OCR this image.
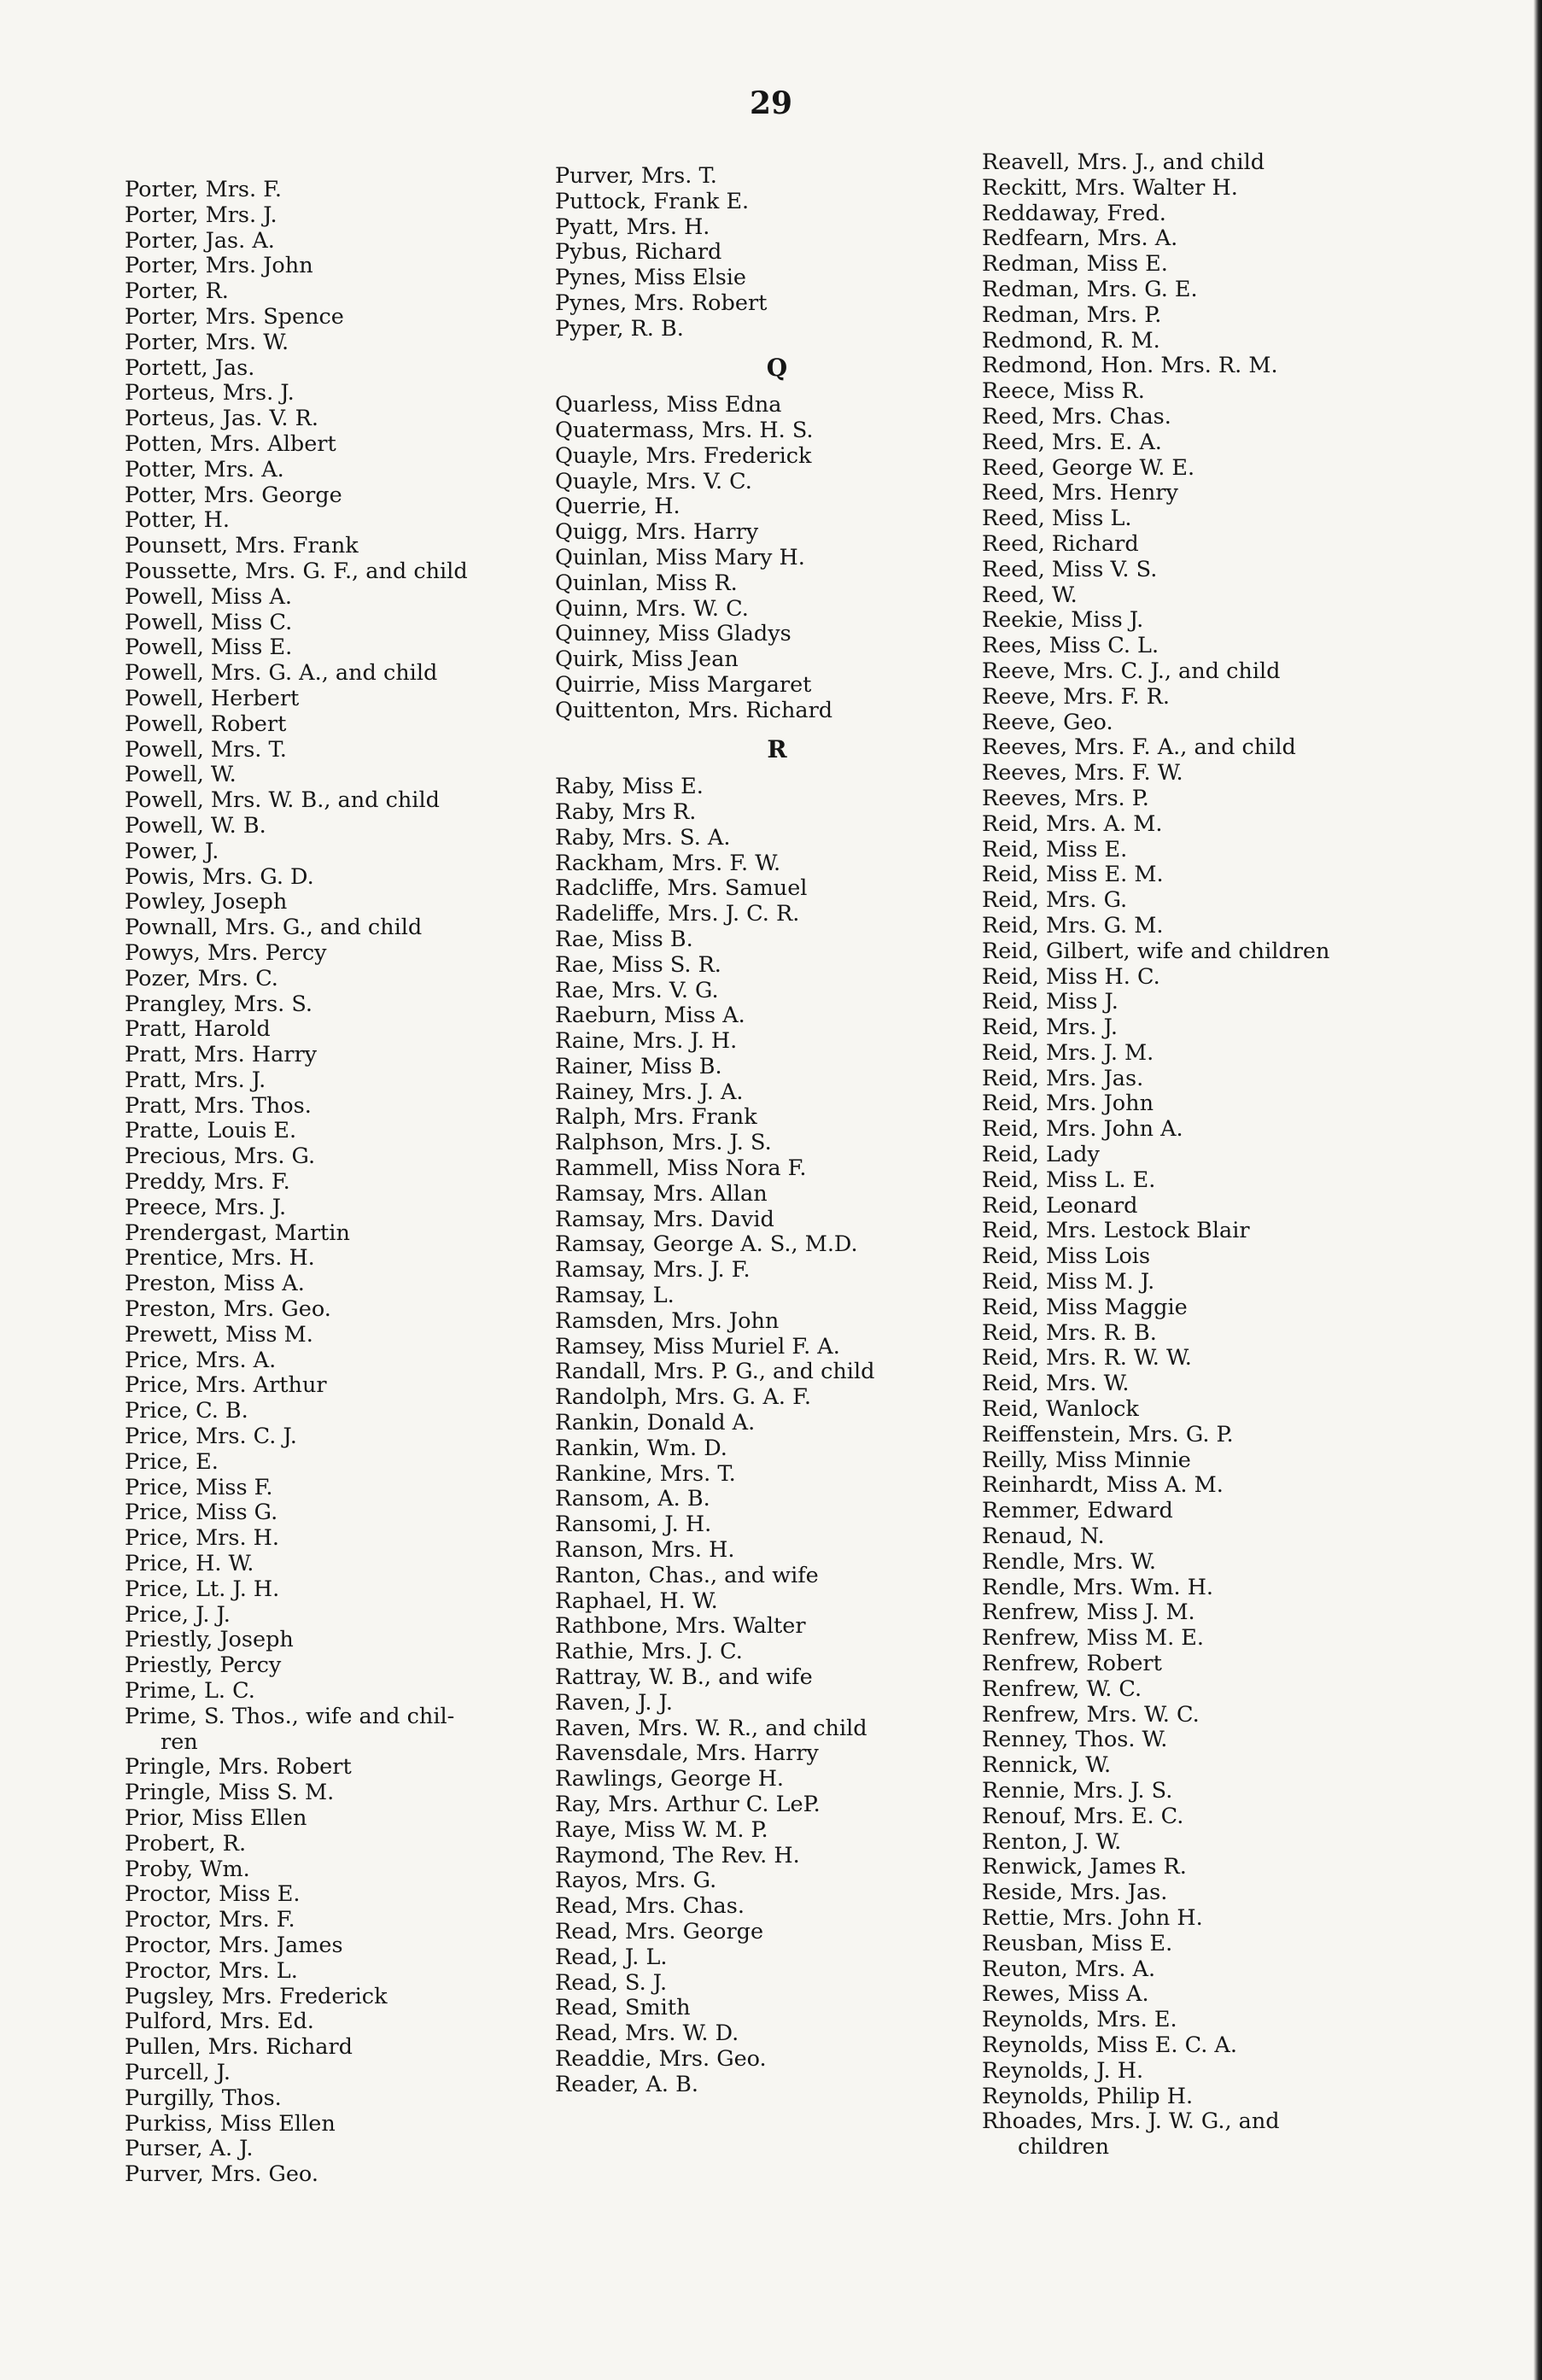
29
Porter, Mrs. F.
Porter, Mrs. J.
Porter, Jas. A.
Porter, Mrs. John
Porter, R.
Porter, Mrs. Spence
Porter, Mrs. W.
Portett, Jas.
Porteus, Mrs. J.
Porteus, Jas. V. R.
Potten, Mrs. Albert
Potter, Mrs. A.
Potter, Mrs. George
Potter, H.
Pounsett, Mrs. Frank
Poussette, Mrs. G. F., and child
Powell, Miss A.
Powell, Miss C.
Powell, Miss E.
Powell, Mrs. G. A., and child
Powell, Herbert
Powell, Robert
Powell, Mrs. T.
Powell, W.
Powell, Mrs. W. B., and child
Powell, W. B.
Power, J.
Powis, Mrs. G. D.
Powley, Joseph
Pownall, Mrs. G., and child
Powys, Mrs. Percy
Pozer, Mrs. C.
Prangley, Mrs. S.
Pratt, Harold
Pratt, Mrs. Harry
Pratt, Mrs. J.
Pratt, Mrs. Thos.
Pratte, Louis E.
Precious, Mrs. G.
Preddy, Mrs. F.
Preece, Mrs. J.
Prendergast, Martin
Prentice, Mrs. H.
Preston, Miss A.
Preston, Mrs. Geo.
Prewett, Miss M.
Price, Mrs. A.
Price, Mrs. Arthur
Price, C. B.
Price, Mrs. C. J.
Price, E.
Price, Miss F.
Price, Miss G.
Price, Mrs. H.
Price, H. W.
Price, Lt. J. H.
Price, J. J.
Priestly, Joseph
Priestly, Percy
Prime, L. C.
Prime, S. Thos., wife and chil-
ren
Pringle, Mrs. Robert
Pringle, Miss S. M.
Prior, Miss Ellen
Probert, R.
Proby, Wm.
Proctor, Miss E.
Proctor, Mrs. F.
Proctor, Mrs. James
Proctor, Mrs. L.
Pugsley, Mrs. Frederick
Pulford, Mrs. Ed.
Pullen, Mrs. Richard
Purcell, J.
Purgilly, Thos.
Purkiss, Miss Ellen
Purser, A. J.
Purver, Mrs. Geo.
Purver, Mrs. T.
Puttock, Frank E.
Pyatt, Mrs. H.
Pybus, Richard
Pynes, Miss Elsie
Pynes, Mrs. Robert
Pyper, R. B.
Q
Quarless, Miss Edna
Quatermass, Mrs. H. S.
Quayle, Mrs. Frederick
Quayle, Mrs. V. C.
Querrie, H.
Quigg, Mrs. Harry
Quinlan, Miss Mary H.
Quinlan, Miss R.
Quinn, Mrs. W. C.
Quinney, Miss Gladys
Quirk, Miss Jean
Quirrie, Miss Margaret
Quittenton, Mrs. Richard
R
Raby, Miss E.
Raby, Mrs R.
Raby, Mrs. S. A.
Rackham, Mrs. F. W.
Radcliffe, Mrs. Samuel
Radeliffe, Mrs. J. C. R.
Rae, Miss B.
Rae, Miss S. R.
Rae, Mrs. V. G.
Raeburn, Miss A.
Raine, Mrs. J. H.
Rainer, Miss B.
Rainey, Mrs. J. A.
Ralph, Mrs. Frank
Ralphson, Mrs. J. S.
Rammell, Miss Nora F.
Ramsay, Mrs. Allan
Ramsay, Mrs. David
Ramsay, George A. S., M.D.
Ramsay, Mrs. J. F.
Ramsay, L.
Ramsden, Mrs. John
Ramsey, Miss Muriel F. A.
Randall, Mrs. P. G., and child
Randolph, Mrs. G. A. F.
Rankin, Donald A.
Rankin, Wm. D.
Rankine, Mrs. T.
Ransom, A. B.
Ransomi, J. H.
Ranson, Mrs. H.
Ranton, Chas., and wife
Raphael, H. W.
Rathbone, Mrs. Walter
Rathie, Mrs. J. C.
Rattray, W. B., and wife
Raven, J. J.
Raven, Mrs. W. R., and child
Ravensdale, Mrs. Harry
Rawlings, George H.
Ray, Mrs. Arthur C. LeP.
Raye, Miss W. M. P.
Raymond, The Rev. H.
Rayos, Mrs. G.
Read, Mrs. Chas.
Read, Mrs. George
Read, J. L.
Read, S. J.
Read, Smith
Read, Mrs. W. D.
Readdie, Mrs. Geo.
Reader, A. B.
Reavell, Mrs. J., and child
Reckitt, Mrs. Walter H.
Reddaway, Fred.
Redfearn, Mrs. A.
Redman, Miss E.
Redman, Mrs. G. E.
Redman, Mrs. P.
Redmond, R. M.
Redmond, Hon. Mrs. R. M.
Reece, Miss R.
Reed, Mrs. Chas.
Reed, Mrs. E. A.
Reed, George W. E.
Reed, Mrs. Henry
Reed, Miss L.
Reed, Richard
Reed, Miss V. S.
Reed, W.
Reekie, Miss J.
Rees, Miss C. L.
Reeve, Mrs. C. J., and child
Reeve, Mrs. F. R.
Reeve, Geo.
Reeves, Mrs. F. A., and child
Reeves, Mrs. F. W.
Reeves, Mrs. P.
Reid, Mrs. A. M.
Reid, Miss E.
Reid, Miss E. M.
Reid, Mrs. G.
Reid, Mrs. G. M.
Reid, Gilbert, wife and children
Reid, Miss H. C.
Reid, Miss J.
Reid, Mrs. J.
Reid, Mrs. J. M.
Reid, Mrs. Jas.
Reid, Mrs. John
Reid, Mrs. John A.
Reid, Lady
Reid, Miss L. E.
Reid, Leonard
Reid, Mrs. Lestock Blair
Reid, Miss Lois
Reid, Miss M. J.
Reid, Miss Maggie
Reid, Mrs. R. B.
Reid, Mrs. R. W. W.
Reid, Mrs. W.
Reid, Wanlock
Reiffenstein, Mrs. G. P.
Reilly, Miss Minnie
Reinhardt, Miss A. M.
Remmer, Edward
Renaud, N.
Rendle, Mrs. W.
Rendle, Mrs. Wm. H.
Renfrew, Miss J. M.
Renfrew, Miss M. E.
Renfrew, Robert
Renfrew, W. C.
Renfrew, Mrs. W. C.
Renney, Thos. W.
Rennick, W.
Rennie, Mrs. J. S.
Renouf, Mrs. E. C.
Renton, J. W.
Renwick, James R.
Reside, Mrs. Jas.
Rettie, Mrs. John H.
Reusban, Miss E.
Reuton, Mrs. A.
Rewes, Miss A.
Reynolds, Mrs. E.
Reynolds, Miss E. C. A.
Reynolds, J. H.
Reynolds, Philip H.
Rhoades, Mrs. J. W. G., and
children
